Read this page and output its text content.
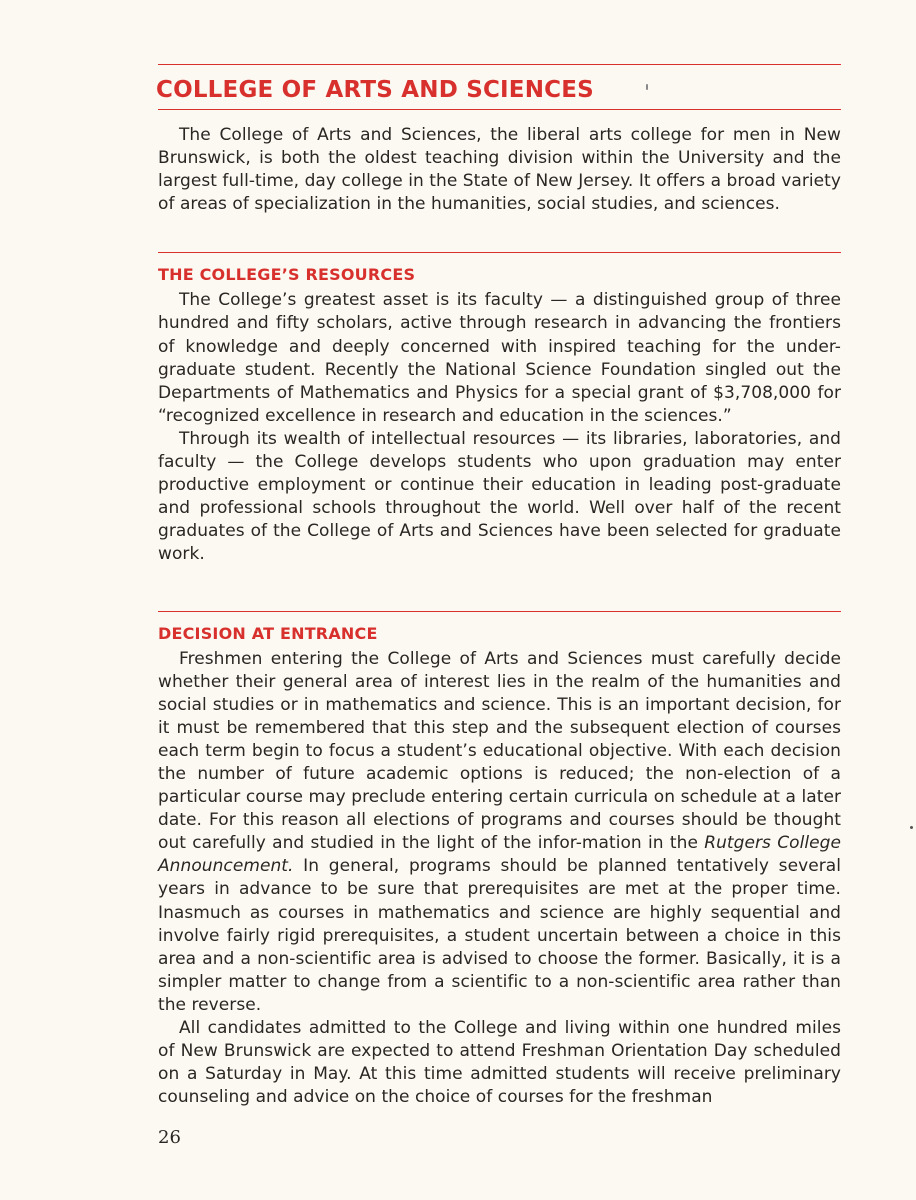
COLLEGE OF ARTS AND SCIENCES

The College of Arts and Sciences, the liberal arts college for men in New Brunswick, is both the oldest teaching division within the University and the largest full-time, day college in the State of New Jersey. It offers a broad variety of areas of specialization in the humanities, social studies, and sciences.

THE COLLEGE’S RESOURCES

The College’s greatest asset is its faculty — a distinguished group of three hundred and fifty scholars, active through research in advancing the frontiers of knowledge and deeply concerned with inspired teaching for the under-graduate student. Recently the National Science Foundation singled out the Departments of Mathematics and Physics for a special grant of $3,708,000 for “recognized excellence in research and education in the sciences.”

Through its wealth of intellectual resources — its libraries, laboratories, and faculty — the College develops students who upon graduation may enter productive employment or continue their education in leading post-graduate and professional schools throughout the world. Well over half of the recent graduates of the College of Arts and Sciences have been selected for graduate work.

DECISION AT ENTRANCE

Freshmen entering the College of Arts and Sciences must carefully decide whether their general area of interest lies in the realm of the humanities and social studies or in mathematics and science. This is an important decision, for it must be remembered that this step and the subsequent election of courses each term begin to focus a student’s educational objective. With each decision the number of future academic options is reduced; the non-election of a particular course may preclude entering certain curricula on schedule at a later date. For this reason all elections of programs and courses should be thought out carefully and studied in the light of the infor-mation in the Rutgers College Announcement. In general, programs should be planned tentatively several years in advance to be sure that prerequisites are met at the proper time. Inasmuch as courses in mathematics and science are highly sequential and involve fairly rigid prerequisites, a student uncertain between a choice in this area and a non-scientific area is advised to choose the former. Basically, it is a simpler matter to change from a scientific to a non-scientific area rather than the reverse.

All candidates admitted to the College and living within one hundred miles of New Brunswick are expected to attend Freshman Orientation Day scheduled on a Saturday in May. At this time admitted students will receive preliminary counseling and advice on the choice of courses for the freshman

26
